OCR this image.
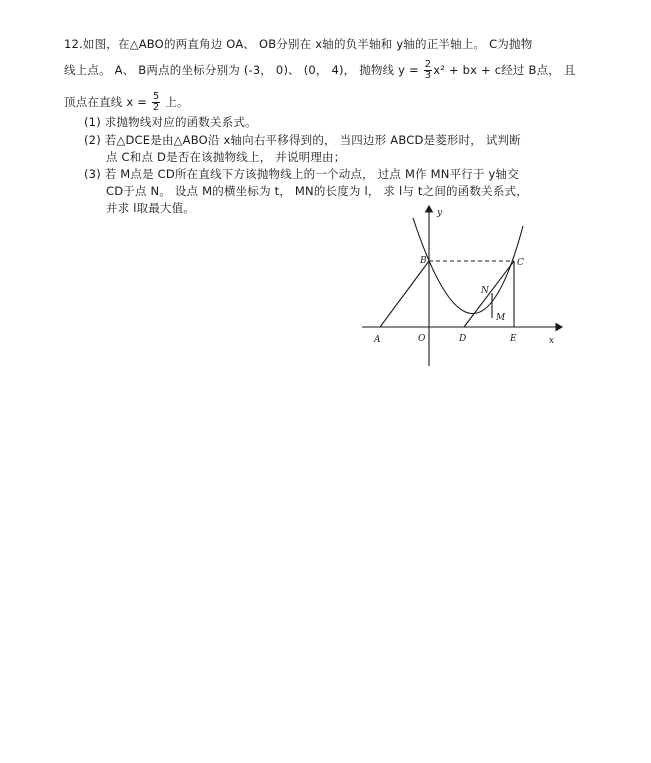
12.如图，在△ABO的两直角边 OA、 OB分别在 x轴的负半轴和 y轴的正半轴上。 C为抛物
线上点。 A、 B两点的坐标分别为 (-3， 0)、 (0， 4)， 抛物线 $y = \frac{2}{3} x^2$ + bx + c经过 B点， 且
顶点在直线 $x = \frac{5}{2}$ 上。
(1) 求抛物线对应的函数关系式。
(2) 若△DCE是由△ABO沿 x轴向右平移得到的， 当四边形 ABCD是菱形时， 试判断
点 C和点 D是否在该抛物线上， 并说明理由；
(3) 若 M点是 CD所在直线下方该抛物线上的一个动点， 过点 M作 MN平行于 y轴交
CD于点 N。 设点 M的横坐标为 t， MN的长度为 l， 求 l与 t之间的函数关系式，
并求 l取最大值。	y
x
O
A
B	C
D	E
N
M
